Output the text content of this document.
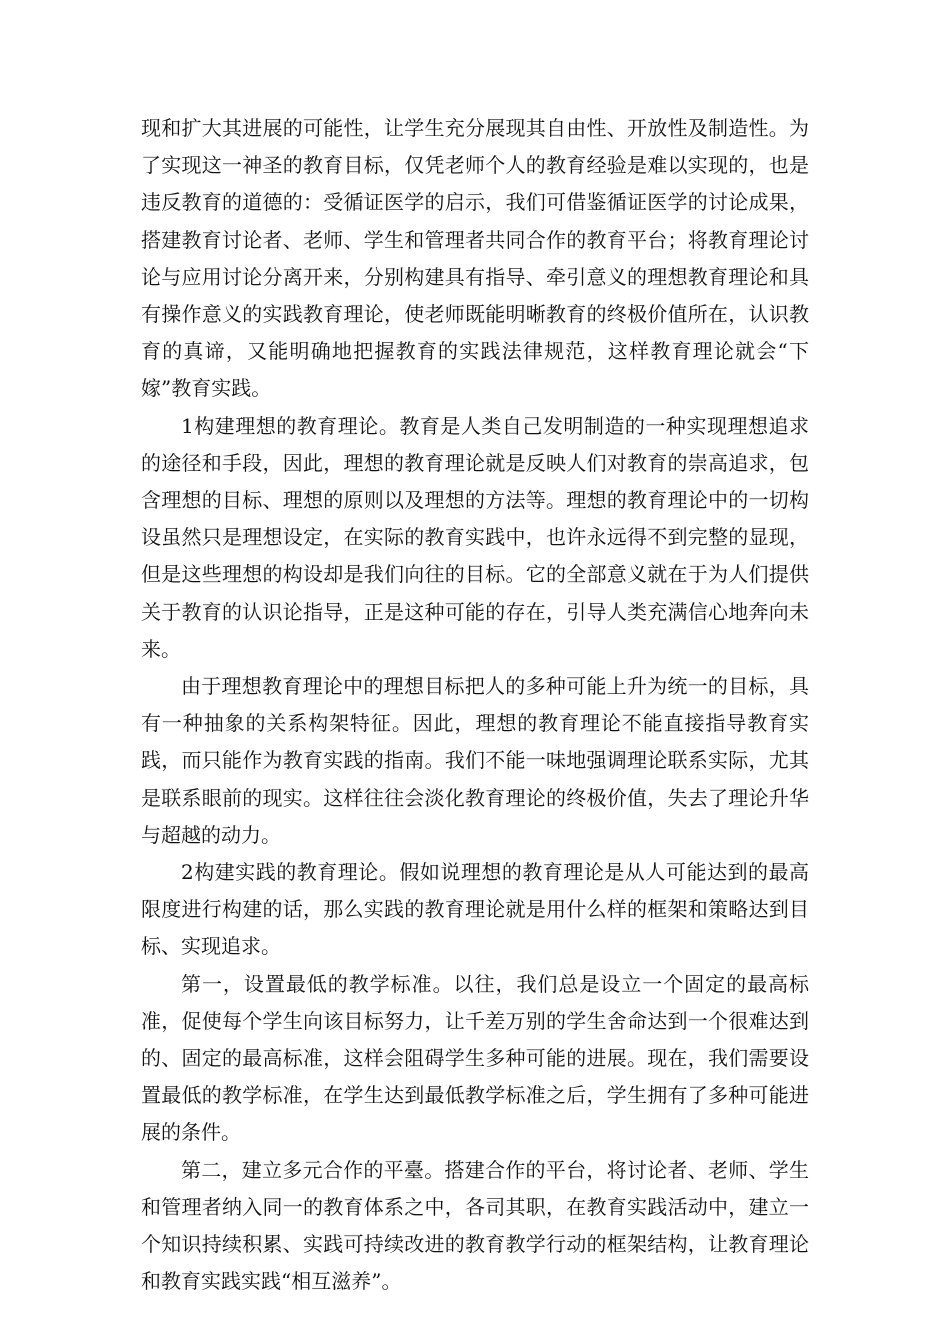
现和扩大其进展的可能性，让学生充分展现其自由性、开放性及制造性。为了实现这一神圣的教育目标，仅凭老师个人的教育经验是难以实现的，也是违反教育的道德的：受循证医学的启示，我们可借鉴循证医学的讨论成果，搭建教育讨论者、老师、学生和管理者共同合作的教育平台；将教育理论讨论与应用讨论分离开来，分别构建具有指导、牵引意义的理想教育理论和具有操作意义的实践教育理论，使老师既能明晰教育的终极价值所在，认识教育的真谛，又能明确地把握教育的实践法律规范，这样教育理论就会“下嫁”教育实践。

1构建理想的教育理论。教育是人类自己发明制造的一种实现理想追求的途径和手段，因此，理想的教育理论就是反映人们对教育的崇高追求，包含理想的目标、理想的原则以及理想的方法等。理想的教育理论中的一切构设虽然只是理想设定，在实际的教育实践中，也许永远得不到完整的显现，但是这些理想的构设却是我们向往的目标。它的全部意义就在于为人们提供关于教育的认识论指导，正是这种可能的存在，引导人类充满信心地奔向未来。

由于理想教育理论中的理想目标把人的多种可能上升为统一的目标，具有一种抽象的关系构架特征。因此，理想的教育理论不能直接指导教育实践，而只能作为教育实践的指南。我们不能一味地强调理论联系实际，尤其是联系眼前的现实。这样往往会淡化教育理论的终极价值，失去了理论升华与超越的动力。

2构建实践的教育理论。假如说理想的教育理论是从人可能达到的最高限度进行构建的话，那么实践的教育理论就是用什么样的框架和策略达到目标、实现追求。

第一，设置最低的教学标准。以往，我们总是设立一个固定的最高标准，促使每个学生向该目标努力，让千差万别的学生舍命达到一个很难达到的、固定的最高标准，这样会阻碍学生多种可能的进展。现在，我们需要设置最低的教学标准，在学生达到最低教学标准之后，学生拥有了多种可能进展的条件。

第二，建立多元合作的平臺。搭建合作的平台，将讨论者、老师、学生和管理者纳入同一的教育体系之中，各司其职，在教育实践活动中，建立一个知识持续积累、实践可持续改进的教育教学行动的框架结构，让教育理论和教育实践实践“相互滋养”。
